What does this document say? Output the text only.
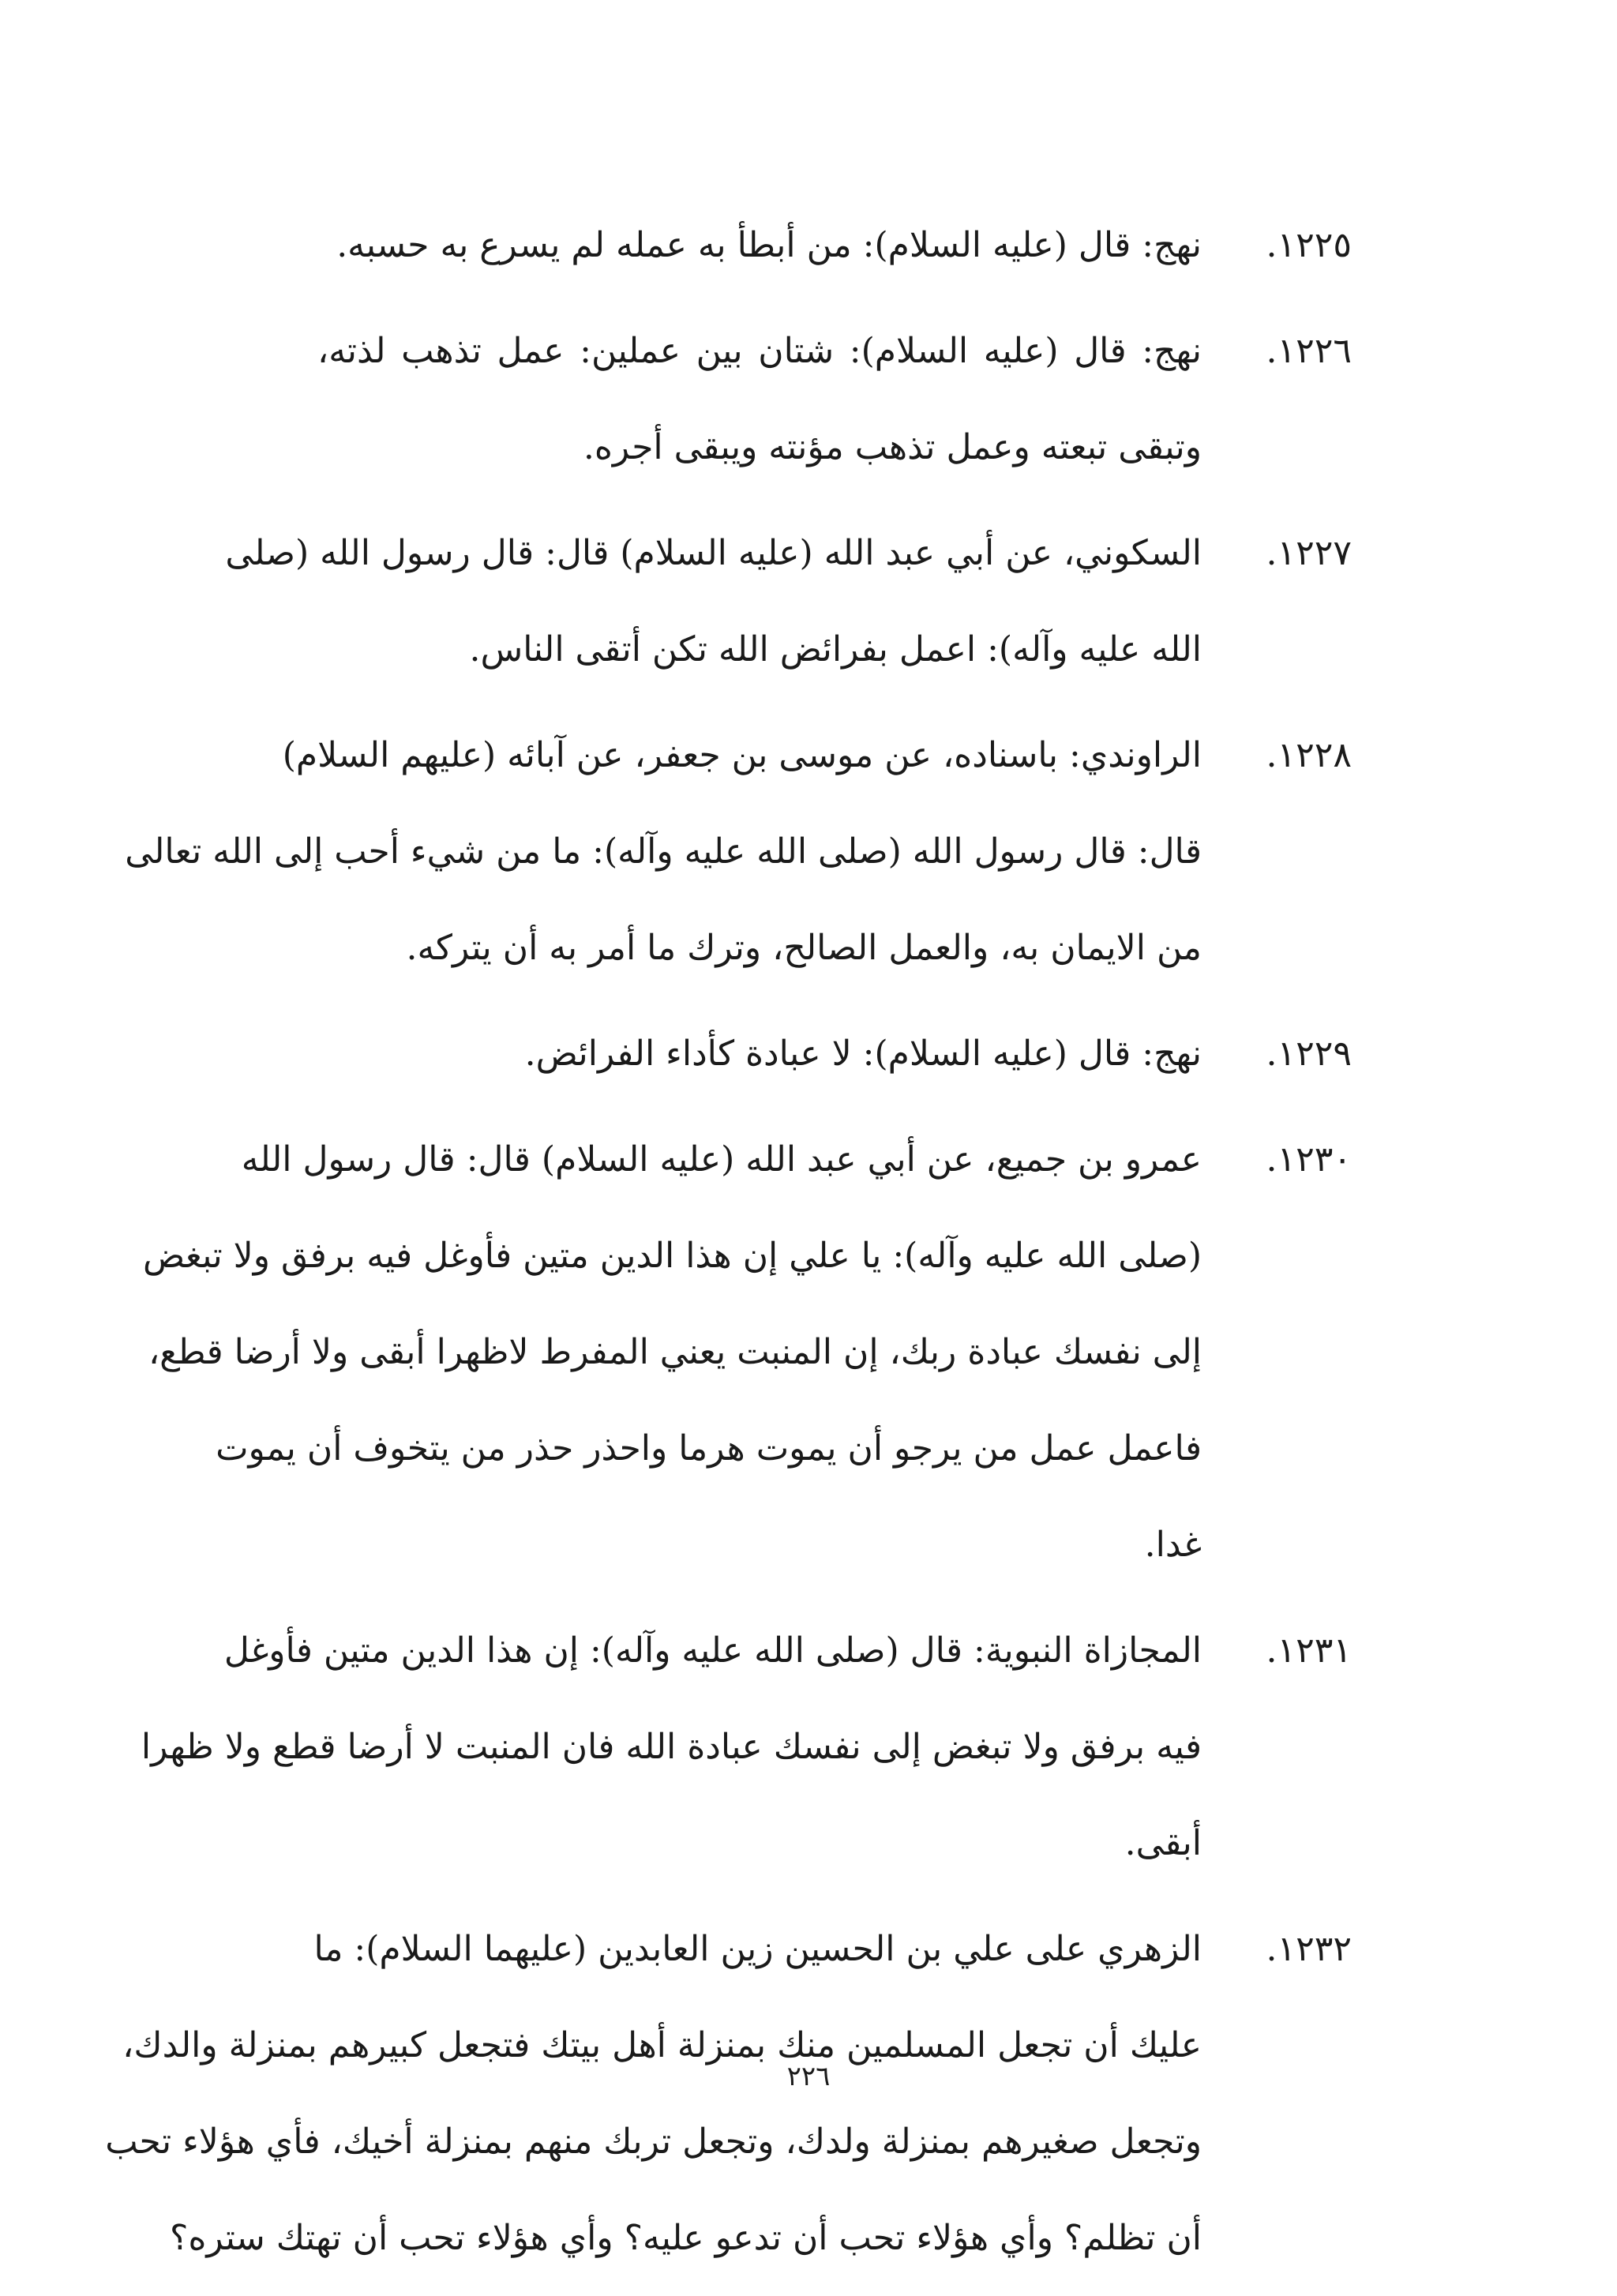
١٢٢٥.
نهج: قال (عليه السلام): من أبطأ به عمله لم يسرع به حسبه.
١٢٢٦.
نهج: قال (عليه السلام): شتان بين عملين: عمل تذهب لذته،
وتبقى تبعته وعمل تذهب مؤنته ويبقى أجره.
١٢٢٧.
السكوني، عن أبي عبد الله (عليه السلام) قال: قال رسول الله (صلى
الله عليه وآله): اعمل بفرائض الله تكن أتقى الناس.
١٢٢٨.
الراوندي: باسناده، عن موسى بن جعفر، عن آبائه (عليهم السلام)
قال: قال رسول الله (صلى الله عليه وآله): ما من شيء أحب إلى الله تعالى
من الايمان به، والعمل الصالح، وترك ما أمر به أن يتركه.
١٢٢٩.
نهج: قال (عليه السلام): لا عبادة كأداء الفرائض.
١٢٣٠.
عمرو بن جميع، عن أبي عبد الله (عليه السلام) قال: قال رسول الله
(صلى الله عليه وآله): يا علي إن هذا الدين متين فأوغل فيه برفق ولا تبغض
إلى نفسك عبادة ربك، إن المنبت يعني المفرط لاظهرا أبقى ولا أرضا قطع،
فاعمل عمل من يرجو أن يموت هرما واحذر حذر من يتخوف أن يموت
غدا.
١٢٣١.
المجازاة النبوية: قال (صلى الله عليه وآله): إن هذا الدين متين فأوغل
فيه برفق ولا تبغض إلى نفسك عبادة الله فان المنبت لا أرضا قطع ولا ظهرا
أبقى.
١٢٣٢.
الزهري على علي بن الحسين زين العابدين (عليهما السلام): ما
عليك أن تجعل المسلمين منك بمنزلة أهل بيتك فتجعل كبيرهم بمنزلة والدك،
وتجعل صغيرهم بمنزلة ولدك، وتجعل تربك منهم بمنزلة أخيك، فأي هؤلاء تحب
أن تظلم؟ وأي هؤلاء تحب أن تدعو عليه؟ وأي هؤلاء تحب أن تهتك ستره؟
٢٢٦
